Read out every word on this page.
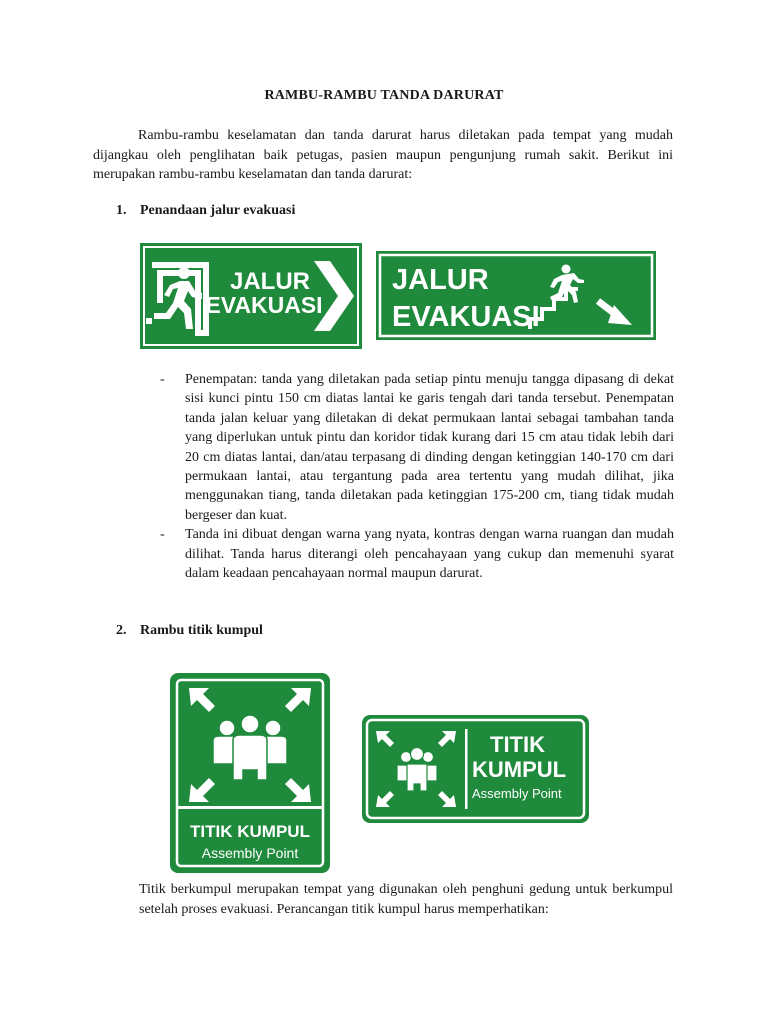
RAMBU-RAMBU TANDA DARURAT

Rambu-rambu keselamatan dan tanda darurat harus diletakan pada tempat yang mudah dijangkau oleh penglihatan baik petugas, pasien maupun pengunjung rumah sakit. Berikut ini merupakan rambu-rambu keselamatan dan tanda darurat:

1. Penandaan jalur evakuasi
JALUR
EVAKUASI
JALUR
EVAKUASI
- Penempatan: tanda yang diletakan pada setiap pintu menuju tangga dipasang di dekat sisi kunci pintu 150 cm diatas lantai ke garis tengah dari tanda tersebut. Penempatan tanda jalan keluar yang diletakan di dekat permukaan lantai sebagai tambahan tanda yang diperlukan untuk pintu dan koridor tidak kurang dari 15 cm atau tidak lebih dari 20 cm diatas lantai, dan/atau terpasang di dinding dengan ketinggian 140-170 cm dari permukaan lantai, atau tergantung pada area tertentu yang mudah dilihat, jika menggunakan tiang, tanda diletakan pada ketinggian 175-200 cm, tiang tidak mudah bergeser dan kuat.
- Tanda ini dibuat dengan warna yang nyata, kontras dengan warna ruangan dan mudah dilihat. Tanda harus diterangi oleh pencahayaan yang cukup dan memenuhi syarat dalam keadaan pencahayaan normal maupun darurat.
2. Rambu titik kumpul
TITIK KUMPUL
Assembly Point
TITIK
KUMPUL
Assembly Point

Titik berkumpul merupakan tempat yang digunakan oleh penghuni gedung untuk berkumpul setelah proses evakuasi. Perancangan titik kumpul harus memperhatikan:
